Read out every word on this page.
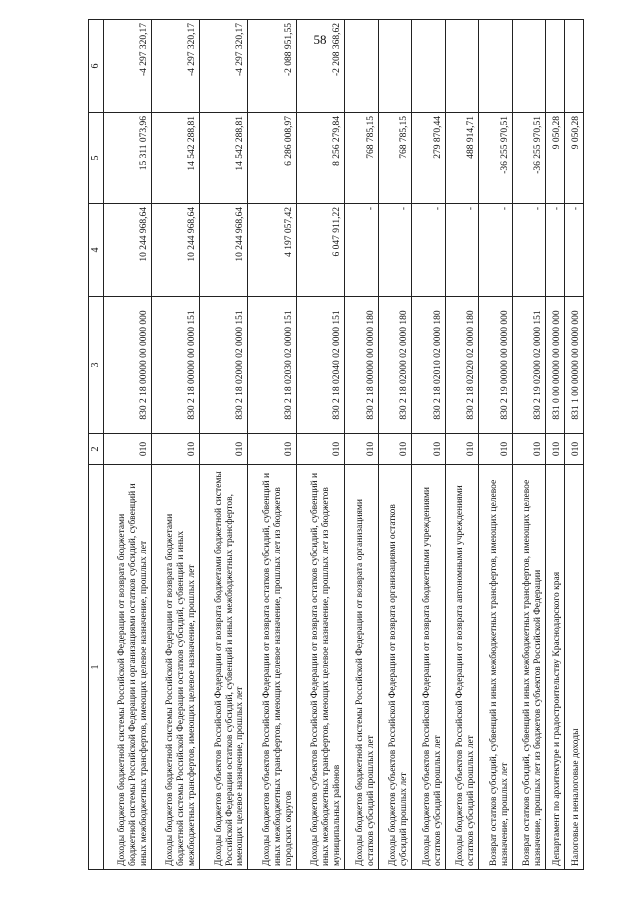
58
1	2	3	4	5	6
Доходы бюджетов бюджетной системы Российской Федерации от возврата бюджетами бюджетной системы Российской Федерации и организациями остатков субсидий, субвенций и иных межбюджетных трансфертов, имеющих целевое назначение, прошлых лет	010	830 2 18 00000 00 0000 000	10 244 968,64	15 311 073,96	-4 297 320,17
Доходы бюджетов бюджетной системы Российской Федерации от возврата бюджетами бюджетной системы Российской Федерации остатков субсидий, субвенций и иных межбюджетных трансфертов, имеющих целевое назначение, прошлых лет	010	830 2 18 00000 00 0000 151	10 244 968,64	14 542 288,81	-4 297 320,17
Доходы бюджетов субъектов Российской Федерации от возврата бюджетами бюджетной системы Российской Федерации остатков субсидий, субвенций и иных межбюджетных трансфертов, имеющих целевое назначение, прошлых лет	010	830 2 18 02000 02 0000 151	10 244 968,64	14 542 288,81	-4 297 320,17
Доходы бюджетов субъектов Российской Федерации от возврата остатков субсидий, субвенций и иных межбюджетных трансфертов, имеющих целевое назначение, прошлых лет из бюджетов городских округов	010	830 2 18 02030 02 0000 151	4 197 057,42	6 286 008,97	-2 088 951,55
Доходы бюджетов субъектов Российской Федерации от возврата остатков субсидий, субвенций и иных межбюджетных трансфертов, имеющих целевое назначение, прошлых лет из бюджетов муниципальных районов	010	830 2 18 02040 02 0000 151	6 047 911,22	8 256 279,84	-2 208 368,62
Доходы бюджетов бюджетной системы Российской Федерации от возврата организациями остатков субсидий прошлых лет	010	830 2 18 00000 00 0000 180	-	768 785,15	
Доходы бюджетов субъектов Российской Федерации от возврата организациями остатков субсидий прошлых лет	010	830 2 18 02000 02 0000 180	-	768 785,15	
Доходы бюджетов субъектов Российской Федерации от возврата бюджетными учреждениями остатков субсидий прошлых лет	010	830 2 18 02010 02 0000 180	-	279 870,44	
Доходы бюджетов субъектов Российской Федерации от возврата автономными учреждениями остатков субсидий прошлых лет	010	830 2 18 02020 02 0000 180	-	488 914,71	
Возврат остатков субсидий, субвенций и иных межбюджетных трансфертов, имеющих целевое назначение, прошлых лет	010	830 2 19 00000 00 0000 000	-	-36 255 970,51	
Возврат остатков субсидий, субвенций и иных межбюджетных трансфертов, имеющих целевое назначение, прошлых лет из бюджетов субъектов Российской Федерации	010	830 2 19 02000 02 0000 151	-	-36 255 970,51	
Департамент по архитектуре и градостроительству Краснодарского края	010	831 0 00 00000 00 0000 000	-	9 050,28	
Налоговые и неналоговые доходы	010	831 1 00 00000 00 0000 000	-	9 050,28	
